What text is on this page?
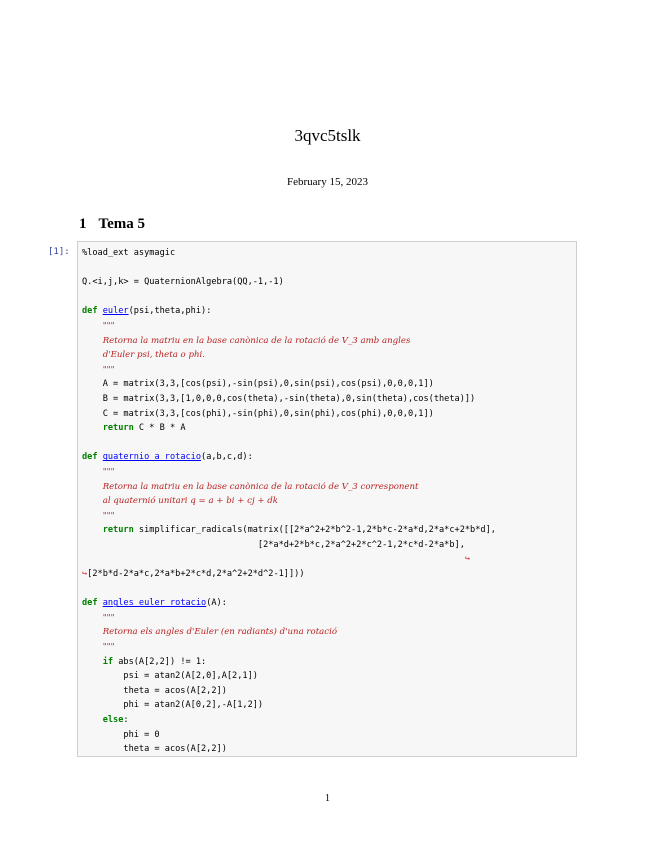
3qvc5tslk
February 15, 2023
1 Tema 5
[1]: %load_ext asymagic

Q.<i,j,k> = QuaternionAlgebra(QQ,-1,-1)

def euler(psi,theta,phi):
"""
Retorna la matriu en la base canònica de la rotació de V_3 amb angles
d'Euler psi, theta o phi.
"""
A = matrix(3,3,[cos(psi),-sin(psi),0,sin(psi),cos(psi),0,0,0,1])
B = matrix(3,3,[1,0,0,0,cos(theta),-sin(theta),0,sin(theta),cos(theta)])
C = matrix(3,3,[cos(phi),-sin(phi),0,sin(phi),cos(phi),0,0,0,1])
return C * B * A

def quaternio_a_rotacio(a,b,c,d):
"""
Retorna la matriu en la base canònica de la rotació de V_3 corresponent
al quaternió unitari q = a + bi + cj + dk
"""
return simplificar_radicals(matrix([[2*a^2+2*b^2-1,2*b*c-2*a*d,2*a*c+2*b*d],
[2*a*d+2*b*c,2*a^2+2*c^2-1,2*c*d-2*a*b],
↪
↪[2*b*d-2*a*c,2*a*b+2*c*d,2*a^2+2*d^2-1]]))

def angles_euler_rotacio(A):
"""
Retorna els angles d'Euler (en radiants) d'una rotació
"""
if abs(A[2,2]) != 1:
psi = atan2(A[2,0],A[2,1])
theta = acos(A[2,2])
phi = atan2(A[0,2],-A[1,2])
else:
phi = 0
theta = acos(A[2,2])
1
